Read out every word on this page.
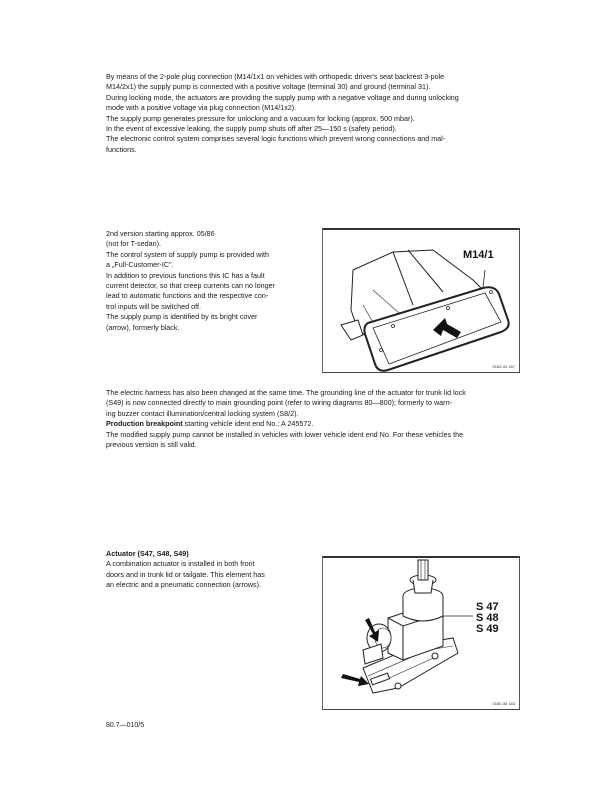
By means of the 2-pole plug connection (M14/1x1 on vehicles with orthopedic driver's seat backrest 3-pole
M14/2x1) the supply pump is connected with a positive voltage (terminal 30) and ground (terminal 31).
During locking mode, the actuators are providing the supply pump with a negative voltage and during unlocking
mode with a positive voltage via plug connection (M14/1x2).
The supply pump generates pressure for unlocking and a vacuum for locking (approx. 500 mbar).
In the event of excessive leaking, the supply pump shuts off after 25—150 s (safety period).
The electronic control system comprises several logic functions which prevent wrong connections and mal-
functions.
2nd version starting approx. 05/86
(not for T-sedan).
The control system of supply pump is provided with
a „Full-Customer-IC”.
In addition to previous functions this IC has a fault
current detector, so that creep currents can no longer
lead to automatic functions and the respective con-
trol inputs will be switched off.
The supply pump is identified by its bright cover
(arrow), formerly black.
M14/1
0180-33 187
The electric harness has also been changed at the same time. The grounding line of the actuator for trunk lid lock
(S49) is now connected directly to main grounding point (refer to wiring diagrams 80—800); formerly to warn-
ing buzzer contact illumination/central locking system (S8/2).
Production breakpoint starting vehicle ident end No.: A 245572.
The modified supply pump cannot be installed in vehicles with lower vehicle ident end No. For these vehicles the
previous version is still valid.
Actuator (S47, S48, S49)
A combination actuator is installed in both front
doors and in trunk lid or tailgate. This element has
an electric and a pneumatic connection (arrows).
S 47
S 48
S 49
0180-38 183
80.7—010/5
